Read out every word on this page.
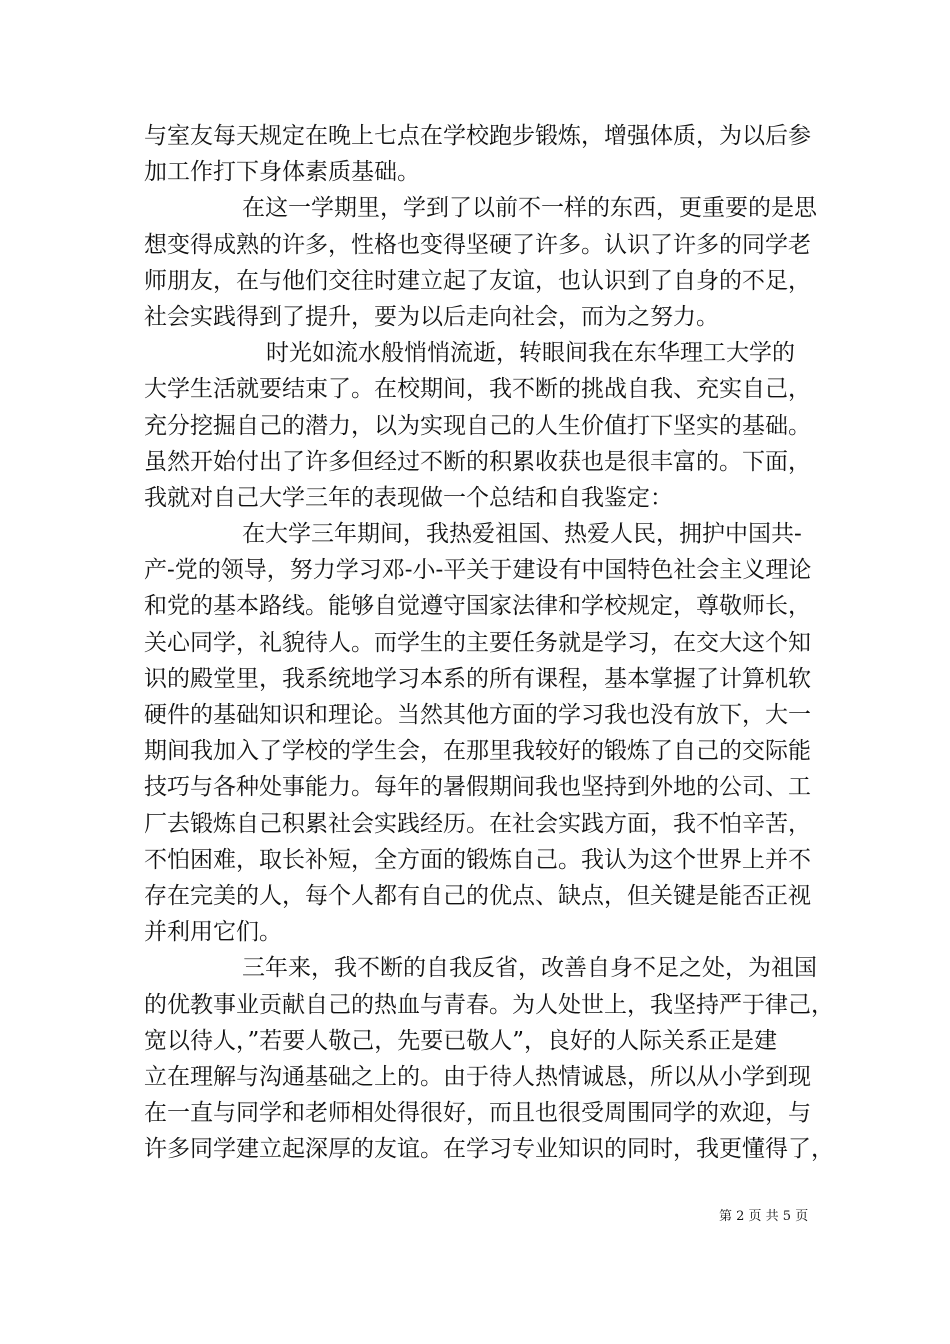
与室友每天规定在晚上七点在学校跑步锻炼，增强体质，为以后参
加工作打下身体素质基础。
在这一学期里，学到了以前不一样的东西，更重要的是思
想变得成熟的许多，性格也变得坚硬了许多。认识了许多的同学老
师朋友，在与他们交往时建立起了友谊，也认识到了自身的不足，
社会实践得到了提升，要为以后走向社会，而为之努力。
时光如流水般悄悄流逝，转眼间我在东华理工大学的
大学生活就要结束了。在校期间，我不断的挑战自我、充实自己，
充分挖掘自己的潜力，以为实现自己的人生价值打下坚实的基础。
虽然开始付出了许多但经过不断的积累收获也是很丰富的。下面，
我就对自己大学三年的表现做一个总结和自我鉴定：
在大学三年期间，我热爱祖国、热爱人民，拥护中国共-
产-党的领导，努力学习邓-小-平关于建设有中国特色社会主义理论
和党的基本路线。能够自觉遵守国家法律和学校规定，尊敬师长，
关心同学，礼貌待人。而学生的主要任务就是学习，在交大这个知
识的殿堂里，我系统地学习本系的所有课程，基本掌握了计算机软
硬件的基础知识和理论。当然其他方面的学习我也没有放下，大一
期间我加入了学校的学生会，在那里我较好的锻炼了自己的交际能
技巧与各种处事能力。每年的暑假期间我也坚持到外地的公司、工
厂去锻炼自己积累社会实践经历。在社会实践方面，我不怕辛苦，
不怕困难，取长补短，全方面的锻炼自己。我认为这个世界上并不
存在完美的人，每个人都有自己的优点、缺点，但关键是能否正视
并利用它们。
三年来，我不断的自我反省，改善自身不足之处，为祖国
的优教事业贡献自己的热血与青春。为人处世上，我坚持严于律己，
宽以待人，”若要人敬己，先要已敬人”，良好的人际关系正是建
立在理解与沟通基础之上的。由于待人热情诚恳，所以从小学到现
在一直与同学和老师相处得很好，而且也很受周围同学的欢迎，与
许多同学建立起深厚的友谊。在学习专业知识的同时，我更懂得了，
第 2 页 共 5 页
